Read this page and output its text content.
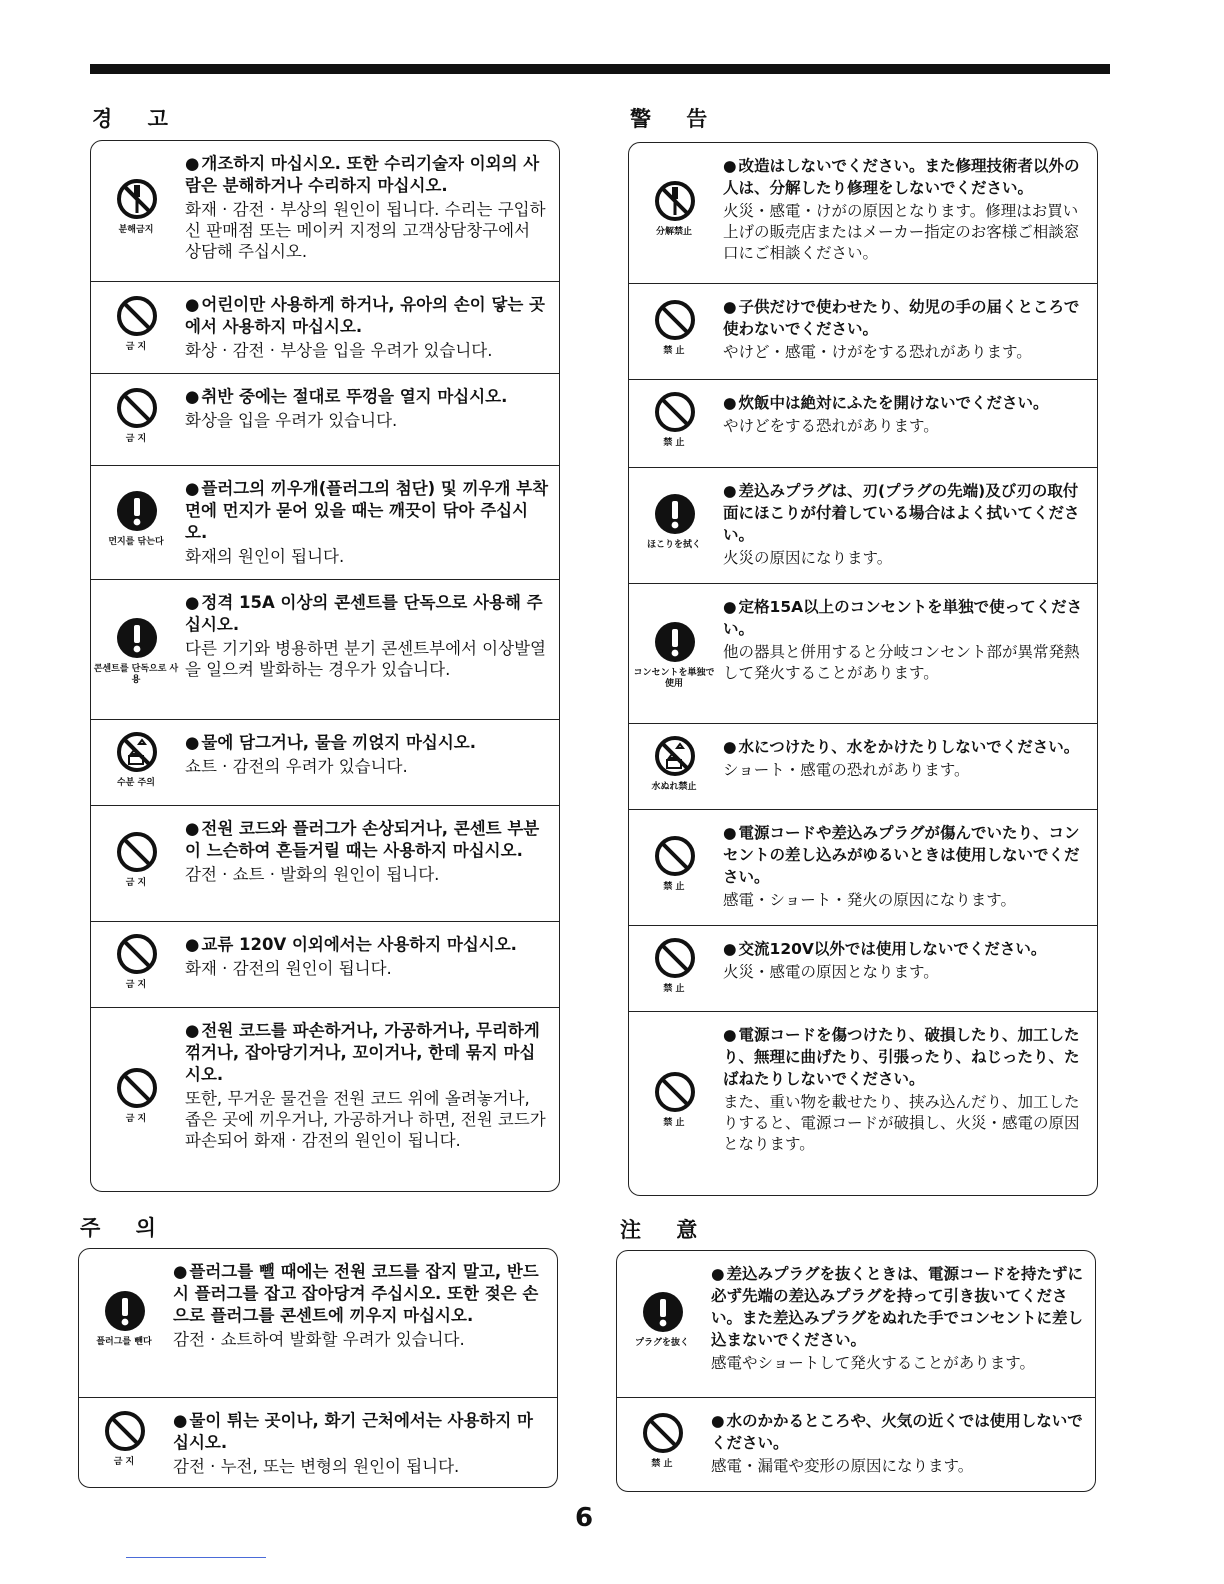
경 고
분해금지
● 개조하지 마십시오. 또한 수리기술자 이외의 사람은 분해하거나 수리하지 마십시오.
화재 · 감전 · 부상의 원인이 됩니다. 수리는 구입하신 판매점 또는 메이커 지정의 고객상담창구에서 상담해 주십시오.
금 지
● 어린이만 사용하게 하거나, 유아의 손이 닿는 곳에서 사용하지 마십시오.
화상 · 감전 · 부상을 입을 우려가 있습니다.
금 지
● 취반 중에는 절대로 뚜껑을 열지 마십시오.
화상을 입을 우려가 있습니다.
먼지를 닦는다
● 플러그의 끼우개(플러그의 첨단) 및 끼우개 부착면에 먼지가 묻어 있을 때는 깨끗이 닦아 주십시오.
화재의 원인이 됩니다.
콘센트를 단독으로 사용
● 정격 15A 이상의 콘센트를 단독으로 사용해 주십시오.
다른 기기와 병용하면 분기 콘센트부에서 이상발열을 일으켜 발화하는 경우가 있습니다.
수분 주의
● 물에 담그거나, 물을 끼얹지 마십시오.
쇼트 · 감전의 우려가 있습니다.
금 지
● 전원 코드와 플러그가 손상되거나, 콘센트 부분이 느슨하여 흔들거릴 때는 사용하지 마십시오.
감전 · 쇼트 · 발화의 원인이 됩니다.
금 지
● 교류 120V 이외에서는 사용하지 마십시오.
화재 · 감전의 원인이 됩니다.
금 지
● 전원 코드를 파손하거나, 가공하거나, 무리하게 꺾거나, 잡아당기거나, 꼬이거나, 한데 묶지 마십시오.
또한, 무거운 물건을 전원 코드 위에 올려놓거나, 좁은 곳에 끼우거나, 가공하거나 하면, 전원 코드가 파손되어 화재 · 감전의 원인이 됩니다.
주 의
플러그를 뺀다
● 플러그를 뺄 때에는 전원 코드를 잡지 말고, 반드시 플러그를 잡고 잡아당겨 주십시오. 또한 젖은 손으로 플러그를 콘센트에 끼우지 마십시오.
감전 · 쇼트하여 발화할 우려가 있습니다.
금 지
● 물이 튀는 곳이나, 화기 근처에서는 사용하지 마십시오.
감전 · 누전, 또는 변형의 원인이 됩니다.
警 告
分解禁止
● 改造はしないでください。また修理技術者以外の人は、分解したり修理をしないでください。
火災・感電・けがの原因となります。修理はお買い上げの販売店またはメーカー指定のお客様ご相談窓口にご相談ください。
禁 止
● 子供だけで使わせたり、幼児の手の届くところで使わないでください。
やけど・感電・けがをする恐れがあります。
禁 止
● 炊飯中は絶対にふたを開けないでください。
やけどをする恐れがあります。
ほこりを拭く
● 差込みプラグは、刃(プラグの先端)及び刃の取付面にほこりが付着している場合はよく拭いてください。
火災の原因になります。
コンセントを単独で使用
● 定格15A以上のコンセントを単独で使ってください。
他の器具と併用すると分岐コンセント部が異常発熱して発火することがあります。
水ぬれ禁止
● 水につけたり、水をかけたりしないでください。
ショート・感電の恐れがあります。
禁 止
● 電源コードや差込みプラグが傷んでいたり、コンセントの差し込みがゆるいときは使用しないでください。
感電・ショート・発火の原因になります。
禁 止
● 交流120V以外では使用しないでください。
火災・感電の原因となります。
禁 止
● 電源コードを傷つけたり、破損したり、加工したり、無理に曲げたり、引張ったり、ねじったり、たばねたりしないでください。
また、重い物を載せたり、挟み込んだり、加工したりすると、電源コードが破損し、火災・感電の原因となります。
注 意
プラグを抜く
● 差込みプラグを抜くときは、電源コードを持たずに必ず先端の差込みプラグを持って引き抜いてください。また差込みプラグをぬれた手でコンセントに差し込まないでください。
感電やショートして発火することがあります。
禁 止
● 水のかかるところや、火気の近くでは使用しないでください。
感電・漏電や変形の原因になります。
6
